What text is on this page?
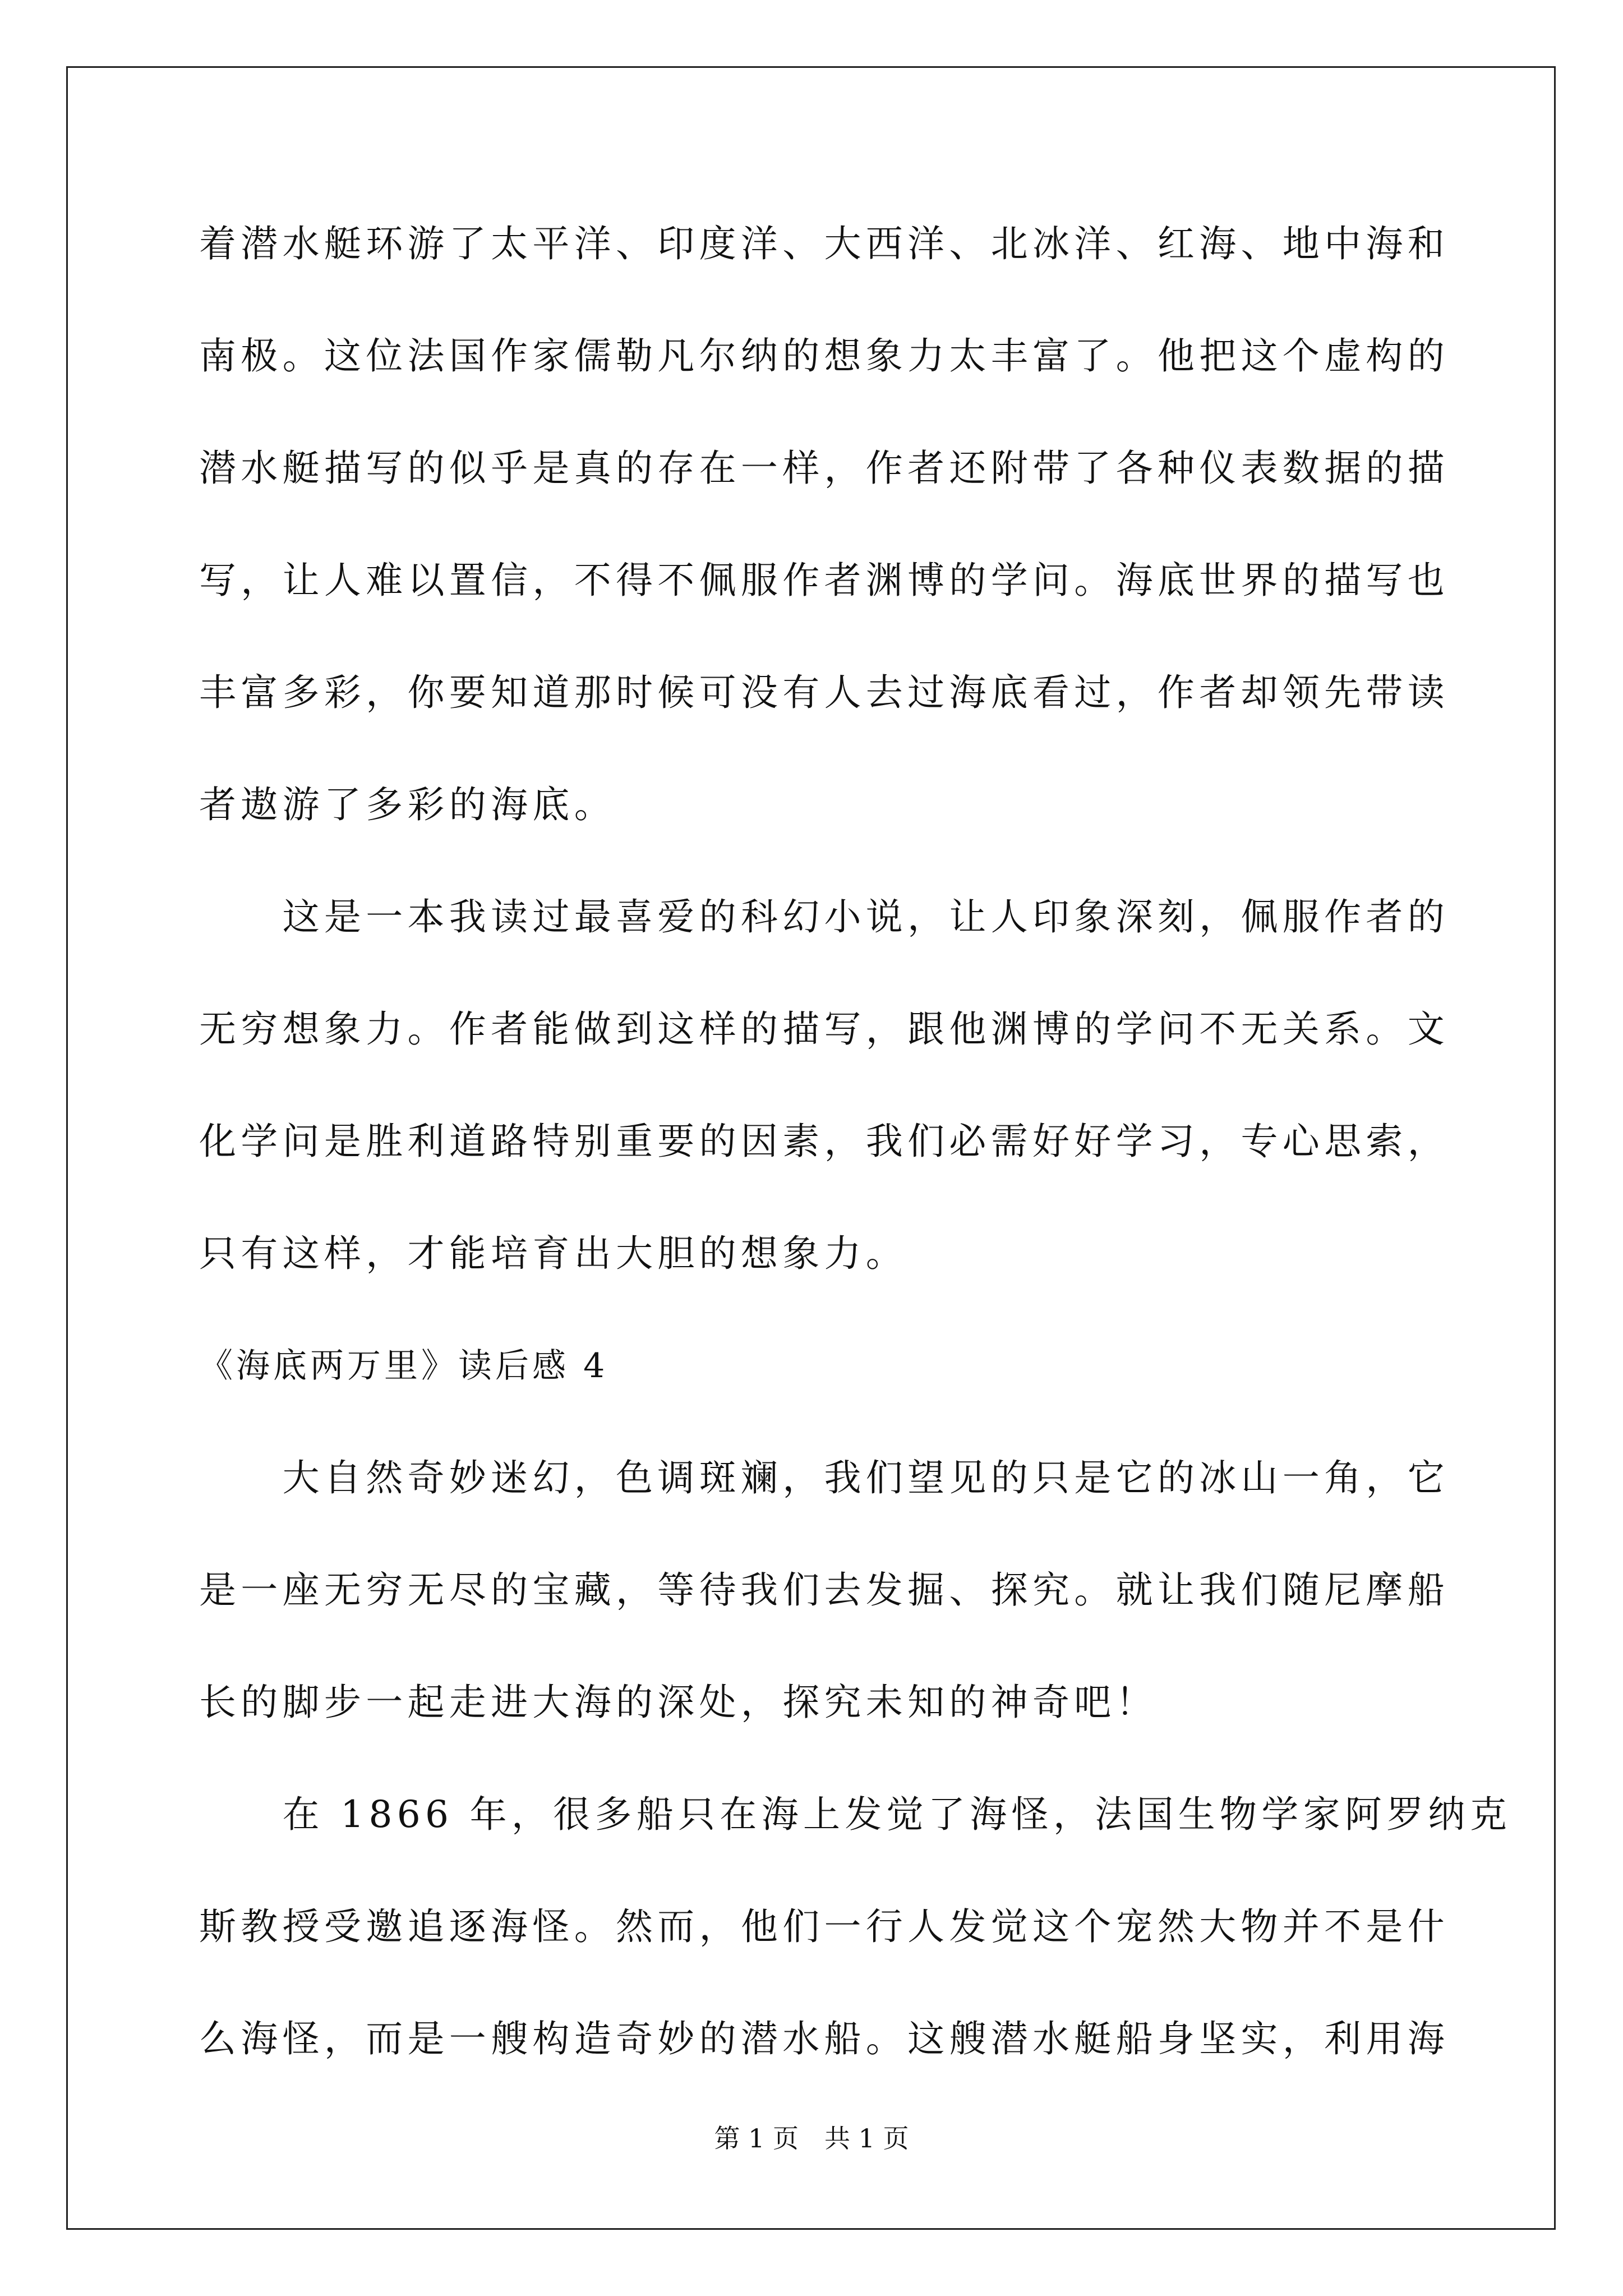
着潜水艇环游了太平洋、印度洋、大西洋、北冰洋、红海、地中海和
南极。这位法国作家儒勒凡尔纳的想象力太丰富了。他把这个虚构的
潜水艇描写的似乎是真的存在一样，作者还附带了各种仪表数据的描
写，让人难以置信，不得不佩服作者渊博的学问。海底世界的描写也
丰富多彩，你要知道那时候可没有人去过海底看过，作者却领先带读
者遨游了多彩的海底。
　　这是一本我读过最喜爱的科幻小说，让人印象深刻，佩服作者的
无穷想象力。作者能做到这样的描写，跟他渊博的学问不无关系。文
化学问是胜利道路特别重要的因素，我们必需好好学习，专心思索，
只有这样，才能培育出大胆的想象力。
《海底两万里》读后感 4
　　大自然奇妙迷幻，色调斑斓，我们望见的只是它的冰山一角，它
是一座无穷无尽的宝藏，等待我们去发掘、探究。就让我们随尼摩船
长的脚步一起走进大海的深处，探究未知的神奇吧！
　　在 1866 年，很多船只在海上发觉了海怪，法国生物学家阿罗纳克
斯教授受邀追逐海怪。然而，他们一行人发觉这个宠然大物并不是什
么海怪，而是一艘构造奇妙的潜水船。这艘潜水艇船身坚实，利用海
第 1 页　共 1 页
